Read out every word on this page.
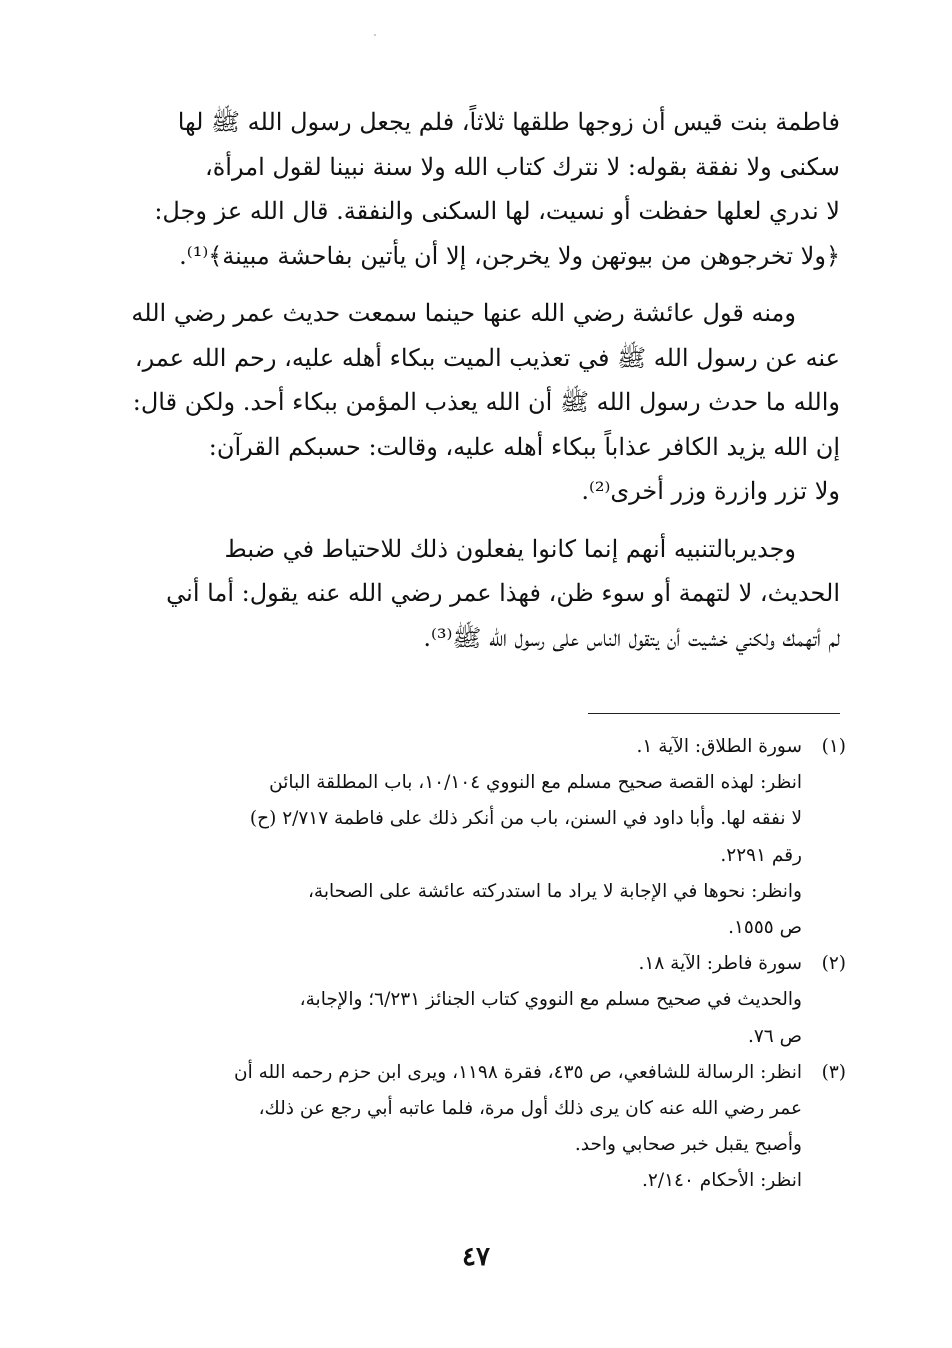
فاطمة بنت قيس أن زوجها طلقها ثلاثاً، فلم يجعل رسول الله ﷺ لها
سكنى ولا نفقة بقوله: لا نترك كتاب الله ولا سنة نبينا لقول امرأة،
لا ندري لعلها حفظت أو نسيت، لها السكنى والنفقة. قال الله عز وجل:
﴿ولا تخرجوهن من بيوتهن ولا يخرجن، إلا أن يأتين بفاحشة مبينة﴾⁽¹⁾.

ومنه قول عائشة رضي الله عنها حينما سمعت حديث عمر رضي الله
عنه عن رسول الله ﷺ في تعذيب الميت ببكاء أهله عليه، رحم الله عمر،
والله ما حدث رسول الله ﷺ أن الله يعذب المؤمن ببكاء أحد. ولكن قال:
إن الله يزيد الكافر عذاباً ببكاء أهله عليه، وقالت: حسبكم القرآن:
ولا تزر وازرة وزر أخرى⁽²⁾.

وجديربالتنبيه أنهم إنما كانوا يفعلون ذلك للاحتياط في ضبط
الحديث، لا لتهمة أو سوء ظن، فهذا عمر رضي الله عنه يقول: أما أني
لم أتهمك ولكني خشيت أن يتقول الناس على رسول الله ﷺ⁽³⁾.

(١)
سورة الطلاق: الآية ١.
انظر: لهذه القصة صحيح مسلم مع النووي ١٠/١٠٤، باب المطلقة البائن
لا نفقه لها. وأبا داود في السنن، باب من أنكر ذلك على فاطمة ٢/٧١٧ (ح)
رقم ٢٢٩١.
وانظر: نحوها في الإجابة لا يراد ما استدركته عائشة على الصحابة،
ص ١٥٥٥.
(٢)
سورة فاطر: الآية ١٨.
والحديث في صحيح مسلم مع النووي كتاب الجنائز ٦/٢٣١؛ والإجابة،
ص ٧٦.
(٣)
انظر: الرسالة للشافعي، ص ٤٣٥، فقرة ١١٩٨، ويرى ابن حزم رحمه الله أن
عمر رضي الله عنه كان يرى ذلك أول مرة، فلما عاتبه أبي رجع عن ذلك،
وأصبح يقبل خبر صحابي واحد.
انظر: الأحكام ٢/١٤٠.
٤٧
